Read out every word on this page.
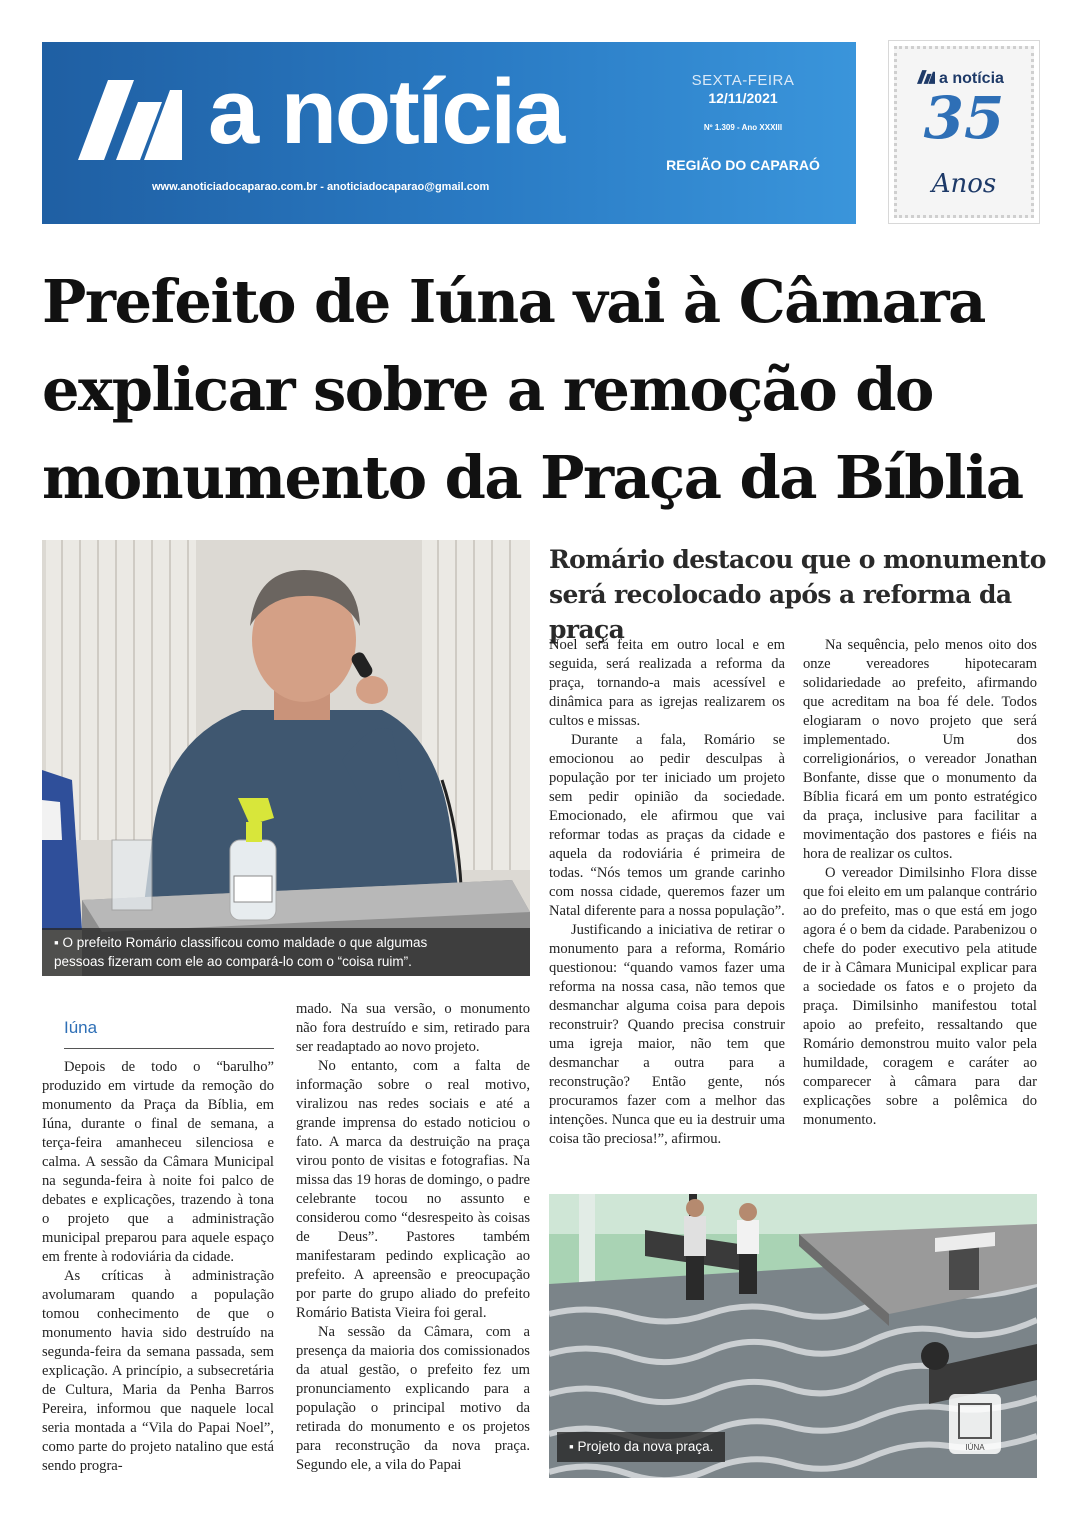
a notícia
www.anoticiadocaparao.com.br - anoticiadocaparao@gmail.com
SEXTA-FEIRA
12/11/2021
Nº 1.309 - Ano XXXIII
REGIÃO DO CAPARAÓ
a notícia
35
Anos
Prefeito de Iúna vai à Câmara
explicar sobre a remoção do
monumento da Praça da Bíblia
▪ O prefeito Romário classificou como maldade o que algumas
pessoas fizeram com ele ao compará-lo com o “coisa ruim”.
Romário destacou que o monumento
será recolocado após a reforma da praça
Iúna

Depois de todo o “barulho” produzido em virtude da remoção do monumento da Praça da Bíblia, em Iúna, durante o final de semana, a terça-feira amanheceu silenciosa e calma. A sessão da Câmara Municipal na segunda-feira à noite foi palco de debates e explicações, trazendo à tona o projeto que a administração municipal preparou para aquele espaço em frente à rodoviária da cidade.

As críticas à administração avolumaram quando a população tomou conhecimento de que o monumento havia sido destruído na segunda-feira da semana passada, sem explicação. A princípio, a subsecretária de Cultura, Maria da Penha Barros Pereira, informou que naquele local seria montada a “Vila do Papai Noel”, como parte do projeto natalino que está sendo progra-

mado. Na sua versão, o monumento não fora destruído e sim, retirado para ser readaptado ao novo projeto.

No entanto, com a falta de informação sobre o real motivo, viralizou nas redes sociais e até a grande imprensa do estado noticiou o fato. A marca da destruição na praça virou ponto de visitas e fotografias. Na missa das 19 horas de domingo, o padre celebrante tocou no assunto e considerou como “desrespeito às coisas de Deus”. Pastores também manifestaram pedindo explicação ao prefeito. A apreensão e preocupação por parte do grupo aliado do prefeito Romário Batista Vieira foi geral.

Na sessão da Câmara, com a presença da maioria dos comissionados da atual gestão, o prefeito fez um pronunciamento explicando para a população o principal motivo da retirada do monumento e os projetos para reconstrução da nova praça. Segundo ele, a vila do Papai

Noel será feita em outro local e em seguida, será realizada a reforma da praça, tornando-a mais acessível e dinâmica para as igrejas realizarem os cultos e missas.

Durante a fala, Romário se emocionou ao pedir desculpas à população por ter iniciado um projeto sem pedir opinião da sociedade. Emocionado, ele afirmou que vai reformar todas as praças da cidade e aquela da rodoviária é primeira de todas. “Nós temos um grande carinho com nossa cidade, queremos fazer um Natal diferente para a nossa população”.

Justificando a iniciativa de retirar o monumento para a reforma, Romário questionou: “quando vamos fazer uma reforma na nossa casa, não temos que desmanchar alguma coisa para depois reconstruir? Quando precisa construir uma igreja maior, não tem que desmanchar a outra para a reconstrução? Então gente, nós procuramos fazer com a melhor das intenções. Nunca que eu ia destruir uma coisa tão preciosa!”, afirmou.

Na sequência, pelo menos oito dos onze vereadores hipotecaram solidariedade ao prefeito, afirmando que acreditam na boa fé dele. Todos elogiaram o novo projeto que será implementado. Um dos correligionários, o vereador Jonathan Bonfante, disse que o monumento da Bíblia ficará em um ponto estratégico da praça, inclusive para facilitar a movimentação dos pastores e fiéis na hora de realizar os cultos.

O vereador Dimilsinho Flora disse que foi eleito em um palanque contrário ao do prefeito, mas o que está em jogo agora é o bem da cidade. Parabenizou o chefe do poder executivo pela atitude de ir à Câmara Municipal explicar para a sociedade os fatos e o projeto da praça. Dimilsinho manifestou total apoio ao prefeito, ressaltando que Romário demonstrou muito valor pela humildade, coragem e caráter ao comparecer à câmara para dar explicações sobre a polêmica do monumento.

IÚNA
▪ Projeto da nova praça.
